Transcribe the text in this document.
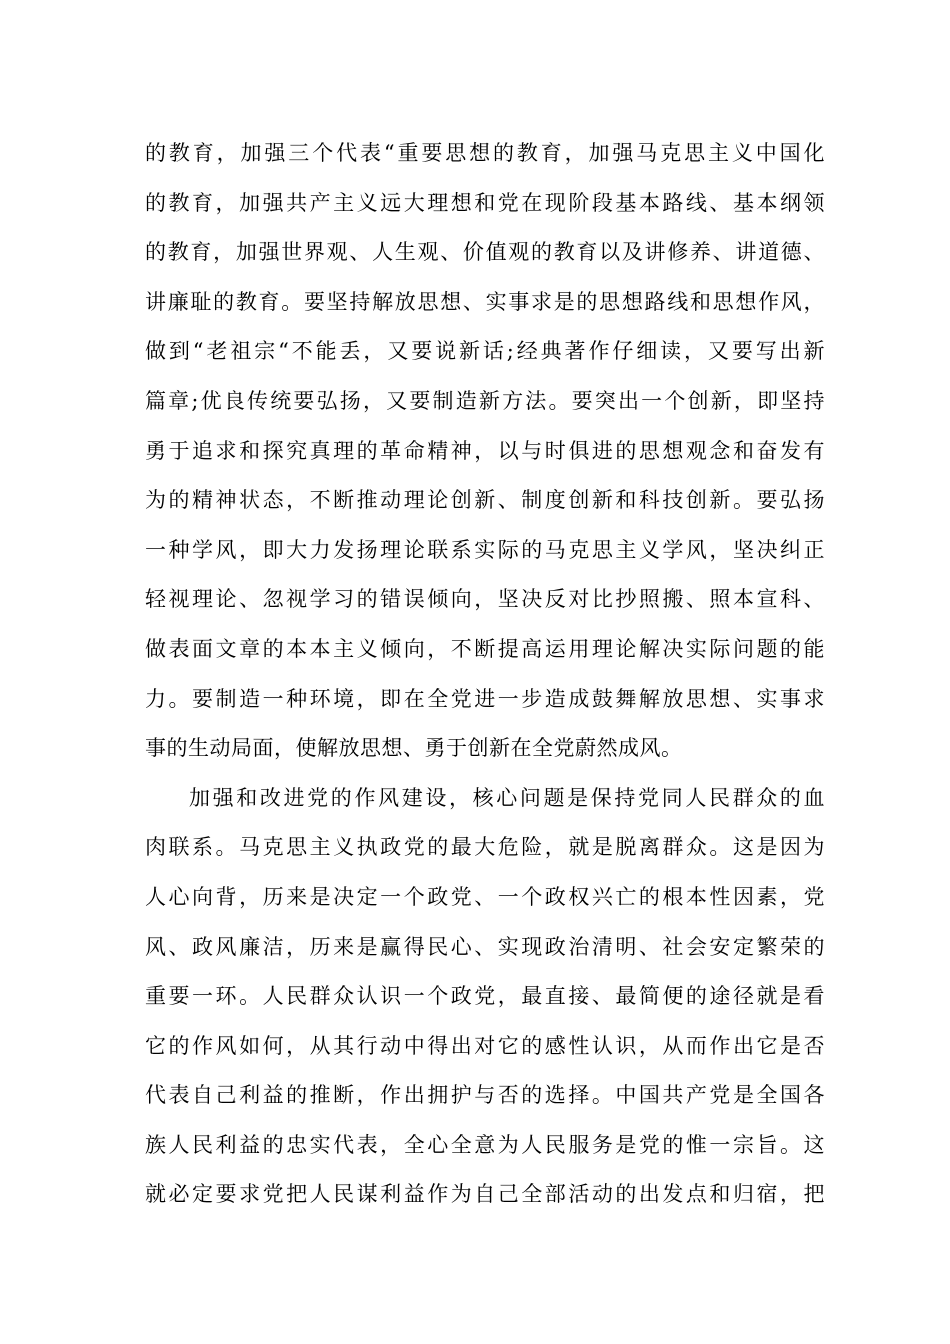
的教育，加强三个代表“重要思想的教育，加强马克思主义中国化
的教育，加强共产主义远大理想和党在现阶段基本路线、基本纲领
的教育，加强世界观、人生观、价值观的教育以及讲修养、讲道德、
讲廉耻的教育。要坚持解放思想、实事求是的思想路线和思想作风，
做到“老祖宗“不能丢，又要说新话;经典著作仔细读，又要写出新
篇章;优良传统要弘扬，又要制造新方法。要突出一个创新，即坚持
勇于追求和探究真理的革命精神，以与时俱进的思想观念和奋发有
为的精神状态，不断推动理论创新、制度创新和科技创新。要弘扬
一种学风，即大力发扬理论联系实际的马克思主义学风，坚决纠正
轻视理论、忽视学习的错误倾向，坚决反对比抄照搬、照本宣科、
做表面文章的本本主义倾向，不断提高运用理论解决实际问题的能
力。要制造一种环境，即在全党进一步造成鼓舞解放思想、实事求
事的生动局面，使解放思想、勇于创新在全党蔚然成风。
加强和改进党的作风建设，核心问题是保持党同人民群众的血
肉联系。马克思主义执政党的最大危险，就是脱离群众。这是因为
人心向背，历来是决定一个政党、一个政权兴亡的根本性因素，党
风、政风廉洁，历来是赢得民心、实现政治清明、社会安定繁荣的
重要一环。人民群众认识一个政党，最直接、最简便的途径就是看
它的作风如何，从其行动中得出对它的感性认识，从而作出它是否
代表自己利益的推断，作出拥护与否的选择。中国共产党是全国各
族人民利益的忠实代表，全心全意为人民服务是党的惟一宗旨。这
就必定要求党把人民谋利益作为自己全部活动的出发点和归宿，把
